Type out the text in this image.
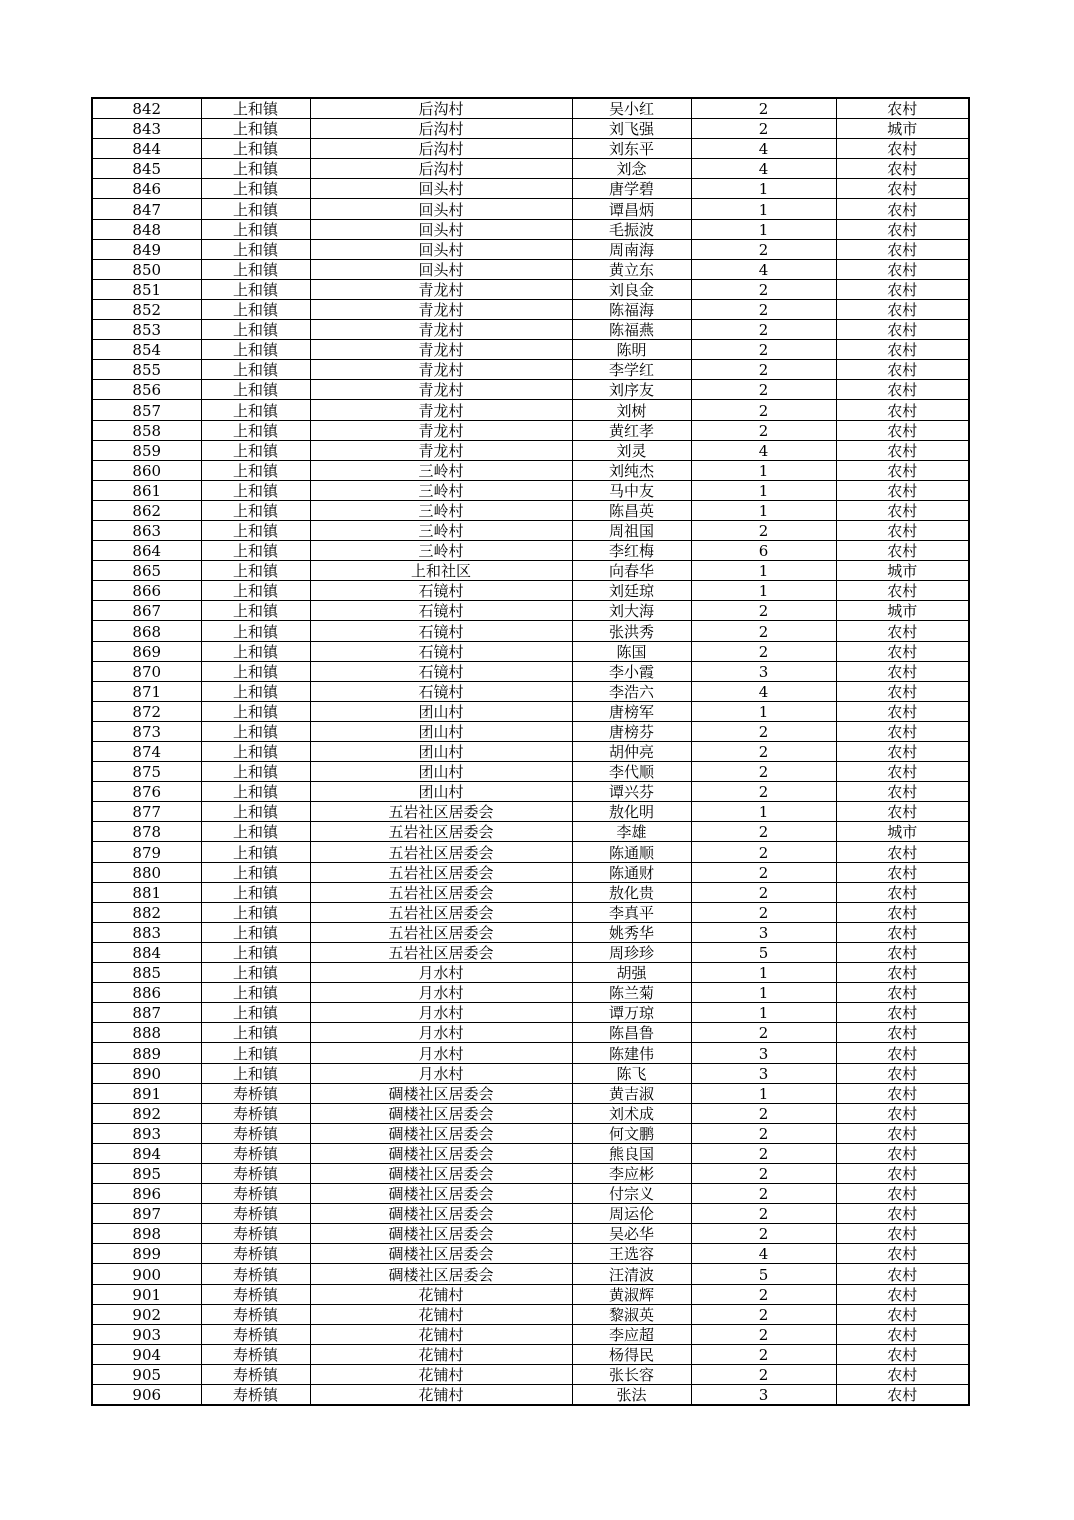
842	上和镇	后沟村	吴小红	2	农村
843	上和镇	后沟村	刘飞强	2	城市
844	上和镇	后沟村	刘东平	4	农村
845	上和镇	后沟村	刘念	4	农村
846	上和镇	回头村	唐学碧	1	农村
847	上和镇	回头村	谭昌炳	1	农村
848	上和镇	回头村	毛振波	1	农村
849	上和镇	回头村	周南海	2	农村
850	上和镇	回头村	黄立东	4	农村
851	上和镇	青龙村	刘良金	2	农村
852	上和镇	青龙村	陈福海	2	农村
853	上和镇	青龙村	陈福燕	2	农村
854	上和镇	青龙村	陈明	2	农村
855	上和镇	青龙村	李学红	2	农村
856	上和镇	青龙村	刘序友	2	农村
857	上和镇	青龙村	刘树	2	农村
858	上和镇	青龙村	黄红孝	2	农村
859	上和镇	青龙村	刘灵	4	农村
860	上和镇	三岭村	刘纯杰	1	农村
861	上和镇	三岭村	马中友	1	农村
862	上和镇	三岭村	陈昌英	1	农村
863	上和镇	三岭村	周祖国	2	农村
864	上和镇	三岭村	李红梅	6	农村
865	上和镇	上和社区	向春华	1	城市
866	上和镇	石镜村	刘廷琼	1	农村
867	上和镇	石镜村	刘大海	2	城市
868	上和镇	石镜村	张洪秀	2	农村
869	上和镇	石镜村	陈国	2	农村
870	上和镇	石镜村	李小霞	3	农村
871	上和镇	石镜村	李浩六	4	农村
872	上和镇	团山村	唐榜军	1	农村
873	上和镇	团山村	唐榜芬	2	农村
874	上和镇	团山村	胡仲亮	2	农村
875	上和镇	团山村	李代顺	2	农村
876	上和镇	团山村	谭兴芬	2	农村
877	上和镇	五岩社区居委会	敖化明	1	农村
878	上和镇	五岩社区居委会	李雄	2	城市
879	上和镇	五岩社区居委会	陈通顺	2	农村
880	上和镇	五岩社区居委会	陈通财	2	农村
881	上和镇	五岩社区居委会	敖化贵	2	农村
882	上和镇	五岩社区居委会	李真平	2	农村
883	上和镇	五岩社区居委会	姚秀华	3	农村
884	上和镇	五岩社区居委会	周珍珍	5	农村
885	上和镇	月水村	胡强	1	农村
886	上和镇	月水村	陈兰菊	1	农村
887	上和镇	月水村	谭万琼	1	农村
888	上和镇	月水村	陈昌鲁	2	农村
889	上和镇	月水村	陈建伟	3	农村
890	上和镇	月水村	陈飞	3	农村
891	寿桥镇	碉楼社区居委会	黄吉淑	1	农村
892	寿桥镇	碉楼社区居委会	刘术成	2	农村
893	寿桥镇	碉楼社区居委会	何文鹏	2	农村
894	寿桥镇	碉楼社区居委会	熊良国	2	农村
895	寿桥镇	碉楼社区居委会	李应彬	2	农村
896	寿桥镇	碉楼社区居委会	付宗义	2	农村
897	寿桥镇	碉楼社区居委会	周运伦	2	农村
898	寿桥镇	碉楼社区居委会	吴必华	2	农村
899	寿桥镇	碉楼社区居委会	王选容	4	农村
900	寿桥镇	碉楼社区居委会	汪清波	5	农村
901	寿桥镇	花铺村	黄淑辉	2	农村
902	寿桥镇	花铺村	黎淑英	2	农村
903	寿桥镇	花铺村	李应超	2	农村
904	寿桥镇	花铺村	杨得民	2	农村
905	寿桥镇	花铺村	张长容	2	农村
906	寿桥镇	花铺村	张法	3	农村
